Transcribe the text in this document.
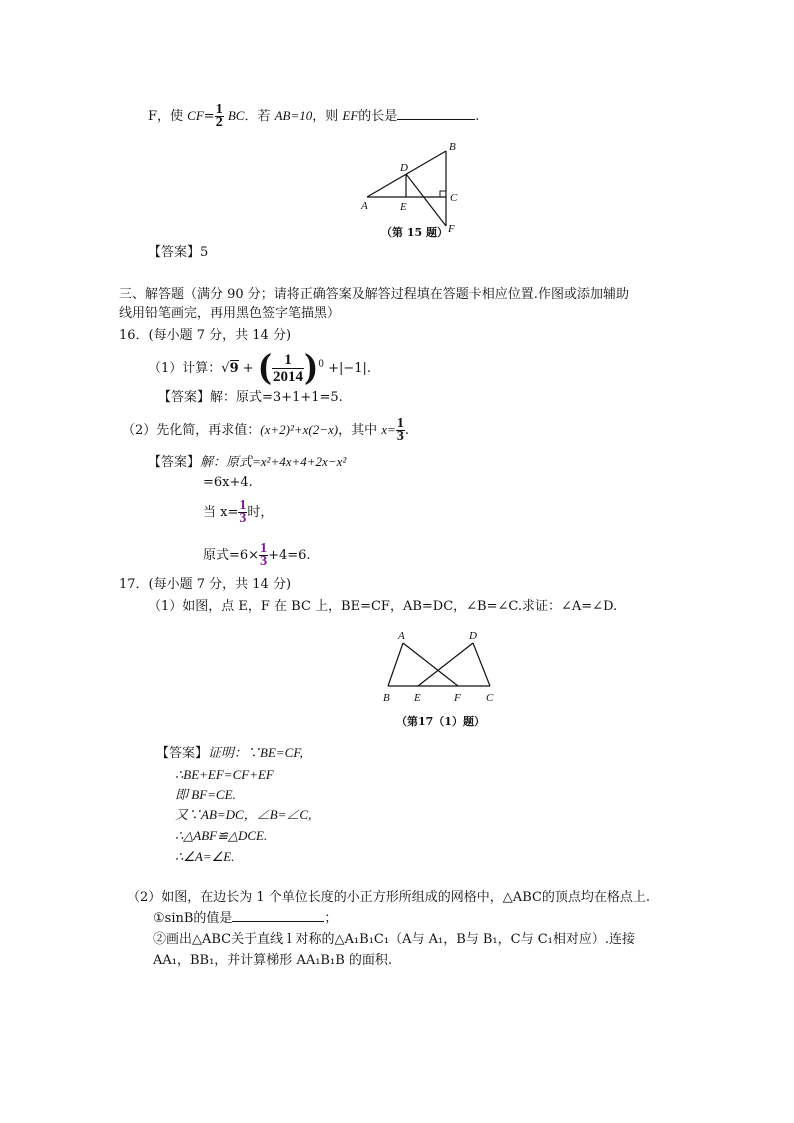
F，使 $CF= \frac{1}{2}$ BC．若 AB=10，则 EF的长是	.
A
B
C
D
E
F
（第 15 题）
【答案】5
三、解答题（满分 90 分；请将正确答案及解答过程填在答题卡相应位置.作图或添加辅助
线用铅笔画完，再用黑色签字笔描黑）
16．(每小题 7 分，共 14 分)
（1）计算：√9 + ( $\frac{1}{2014} )^0 +|-1|$.
【答案】解：原式=3+1+1=5.
（2）先化简，再求值：(x+2)²+x(2−x)，其中 $x= \frac{1}{3}$ .
【答案】解：原式=x²+4x+4+2x−x²
=6x+4.
当 $x= \frac{1}{3}$ 时，
原式$=6\times \frac{1}{3} +4=6$.
17．(每小题 7 分，共 14 分)
（1）如图，点 E，F 在 BC 上，BE=CF，AB=DC，∠B=∠C.求证：∠A=∠D.
A	D
B E	F C
（第17（1）题）
【答案】证明：∵BE=CF,
∴BE+EF=CF+EF
即 BF=CE.
又∵AB=DC，∠B=∠C,
∴△ABF≌△DCE.
∴∠A=∠E.
（2）如图，在边长为 1 个单位长度的小正方形所组成的网格中，△ABC的顶点均在格点上.
①sinB的值是	；
②画出△ABC关于直线 l 对称的△A₁B₁C₁（A与 A₁，B与 B₁，C与 C₁相对应）.连接
AA₁，BB₁，并计算梯形 AA₁B₁B 的面积.
